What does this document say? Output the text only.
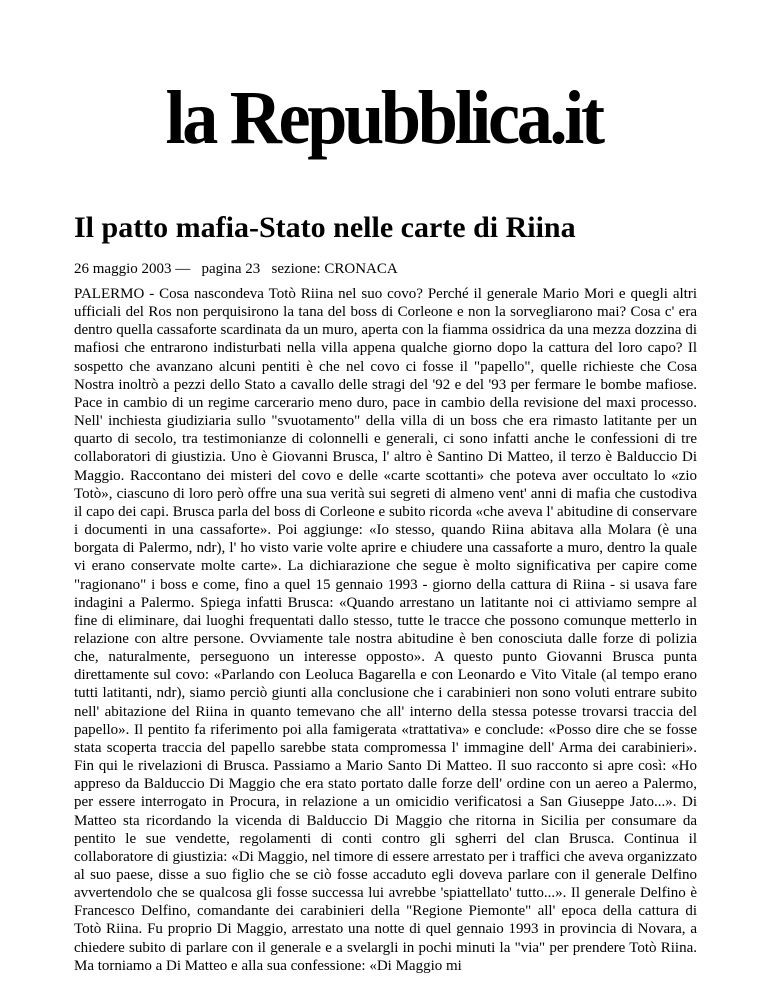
la Repubblica.it
Il patto mafia-Stato nelle carte di Riina
26 maggio 2003 — pagina 23 sezione: CRONACA
PALERMO - Cosa nascondeva Totò Riina nel suo covo? Perché il generale Mario Mori e quegli altri ufficiali del Ros non perquisirono la tana del boss di Corleone e non la sorvegliarono mai? Cosa c' era dentro quella cassaforte scardinata da un muro, aperta con la fiamma ossidrica da una mezza dozzina di mafiosi che entrarono indisturbati nella villa appena qualche giorno dopo la cattura del loro capo? Il sospetto che avanzano alcuni pentiti è che nel covo ci fosse il "papello", quelle richieste che Cosa Nostra inoltrò a pezzi dello Stato a cavallo delle stragi del '92 e del '93 per fermare le bombe mafiose. Pace in cambio di un regime carcerario meno duro, pace in cambio della revisione del maxi processo. Nell' inchiesta giudiziaria sullo "svuotamento" della villa di un boss che era rimasto latitante per un quarto di secolo, tra testimonianze di colonnelli e generali, ci sono infatti anche le confessioni di tre collaboratori di giustizia. Uno è Giovanni Brusca, l' altro è Santino Di Matteo, il terzo è Balduccio Di Maggio. Raccontano dei misteri del covo e delle «carte scottanti» che poteva aver occultato lo «zio Totò», ciascuno di loro però offre una sua verità sui segreti di almeno vent' anni di mafia che custodiva il capo dei capi. Brusca parla del boss di Corleone e subito ricorda «che aveva l' abitudine di conservare i documenti in una cassaforte». Poi aggiunge: «Io stesso, quando Riina abitava alla Molara (è una borgata di Palermo, ndr), l' ho visto varie volte aprire e chiudere una cassaforte a muro, dentro la quale vi erano conservate molte carte». La dichiarazione che segue è molto significativa per capire come "ragionano" i boss e come, fino a quel 15 gennaio 1993 - giorno della cattura di Riina - si usava fare indagini a Palermo. Spiega infatti Brusca: «Quando arrestano un latitante noi ci attiviamo sempre al fine di eliminare, dai luoghi frequentati dallo stesso, tutte le tracce che possono comunque metterlo in relazione con altre persone. Ovviamente tale nostra abitudine è ben conosciuta dalle forze di polizia che, naturalmente, perseguono un interesse opposto». A questo punto Giovanni Brusca punta direttamente sul covo: «Parlando con Leoluca Bagarella e con Leonardo e Vito Vitale (al tempo erano tutti latitanti, ndr), siamo perciò giunti alla conclusione che i carabinieri non sono voluti entrare subito nell' abitazione del Riina in quanto temevano che all' interno della stessa potesse trovarsi traccia del papello». Il pentito fa riferimento poi alla famigerata «trattativa» e conclude: «Posso dire che se fosse stata scoperta traccia del papello sarebbe stata compromessa l' immagine dell' Arma dei carabinieri». Fin qui le rivelazioni di Brusca. Passiamo a Mario Santo Di Matteo. Il suo racconto si apre così: «Ho appreso da Balduccio Di Maggio che era stato portato dalle forze dell' ordine con un aereo a Palermo, per essere interrogato in Procura, in relazione a un omicidio verificatosi a San Giuseppe Jato...». Di Matteo sta ricordando la vicenda di Balduccio Di Maggio che ritorna in Sicilia per consumare da pentito le sue vendette, regolamenti di conti contro gli sgherri del clan Brusca. Continua il collaboratore di giustizia: «Di Maggio, nel timore di essere arrestato per i traffici che aveva organizzato al suo paese, disse a suo figlio che se ciò fosse accaduto egli doveva parlare con il generale Delfino avvertendolo che se qualcosa gli fosse successa lui avrebbe 'spiattellato' tutto...». Il generale Delfino è Francesco Delfino, comandante dei carabinieri della "Regione Piemonte" all' epoca della cattura di Totò Riina. Fu proprio Di Maggio, arrestato una notte di quel gennaio 1993 in provincia di Novara, a chiedere subito di parlare con il generale e a svelargli in pochi minuti la "via" per prendere Totò Riina. Ma torniamo a Di Matteo e alla sua confessione: «Di Maggio mi
